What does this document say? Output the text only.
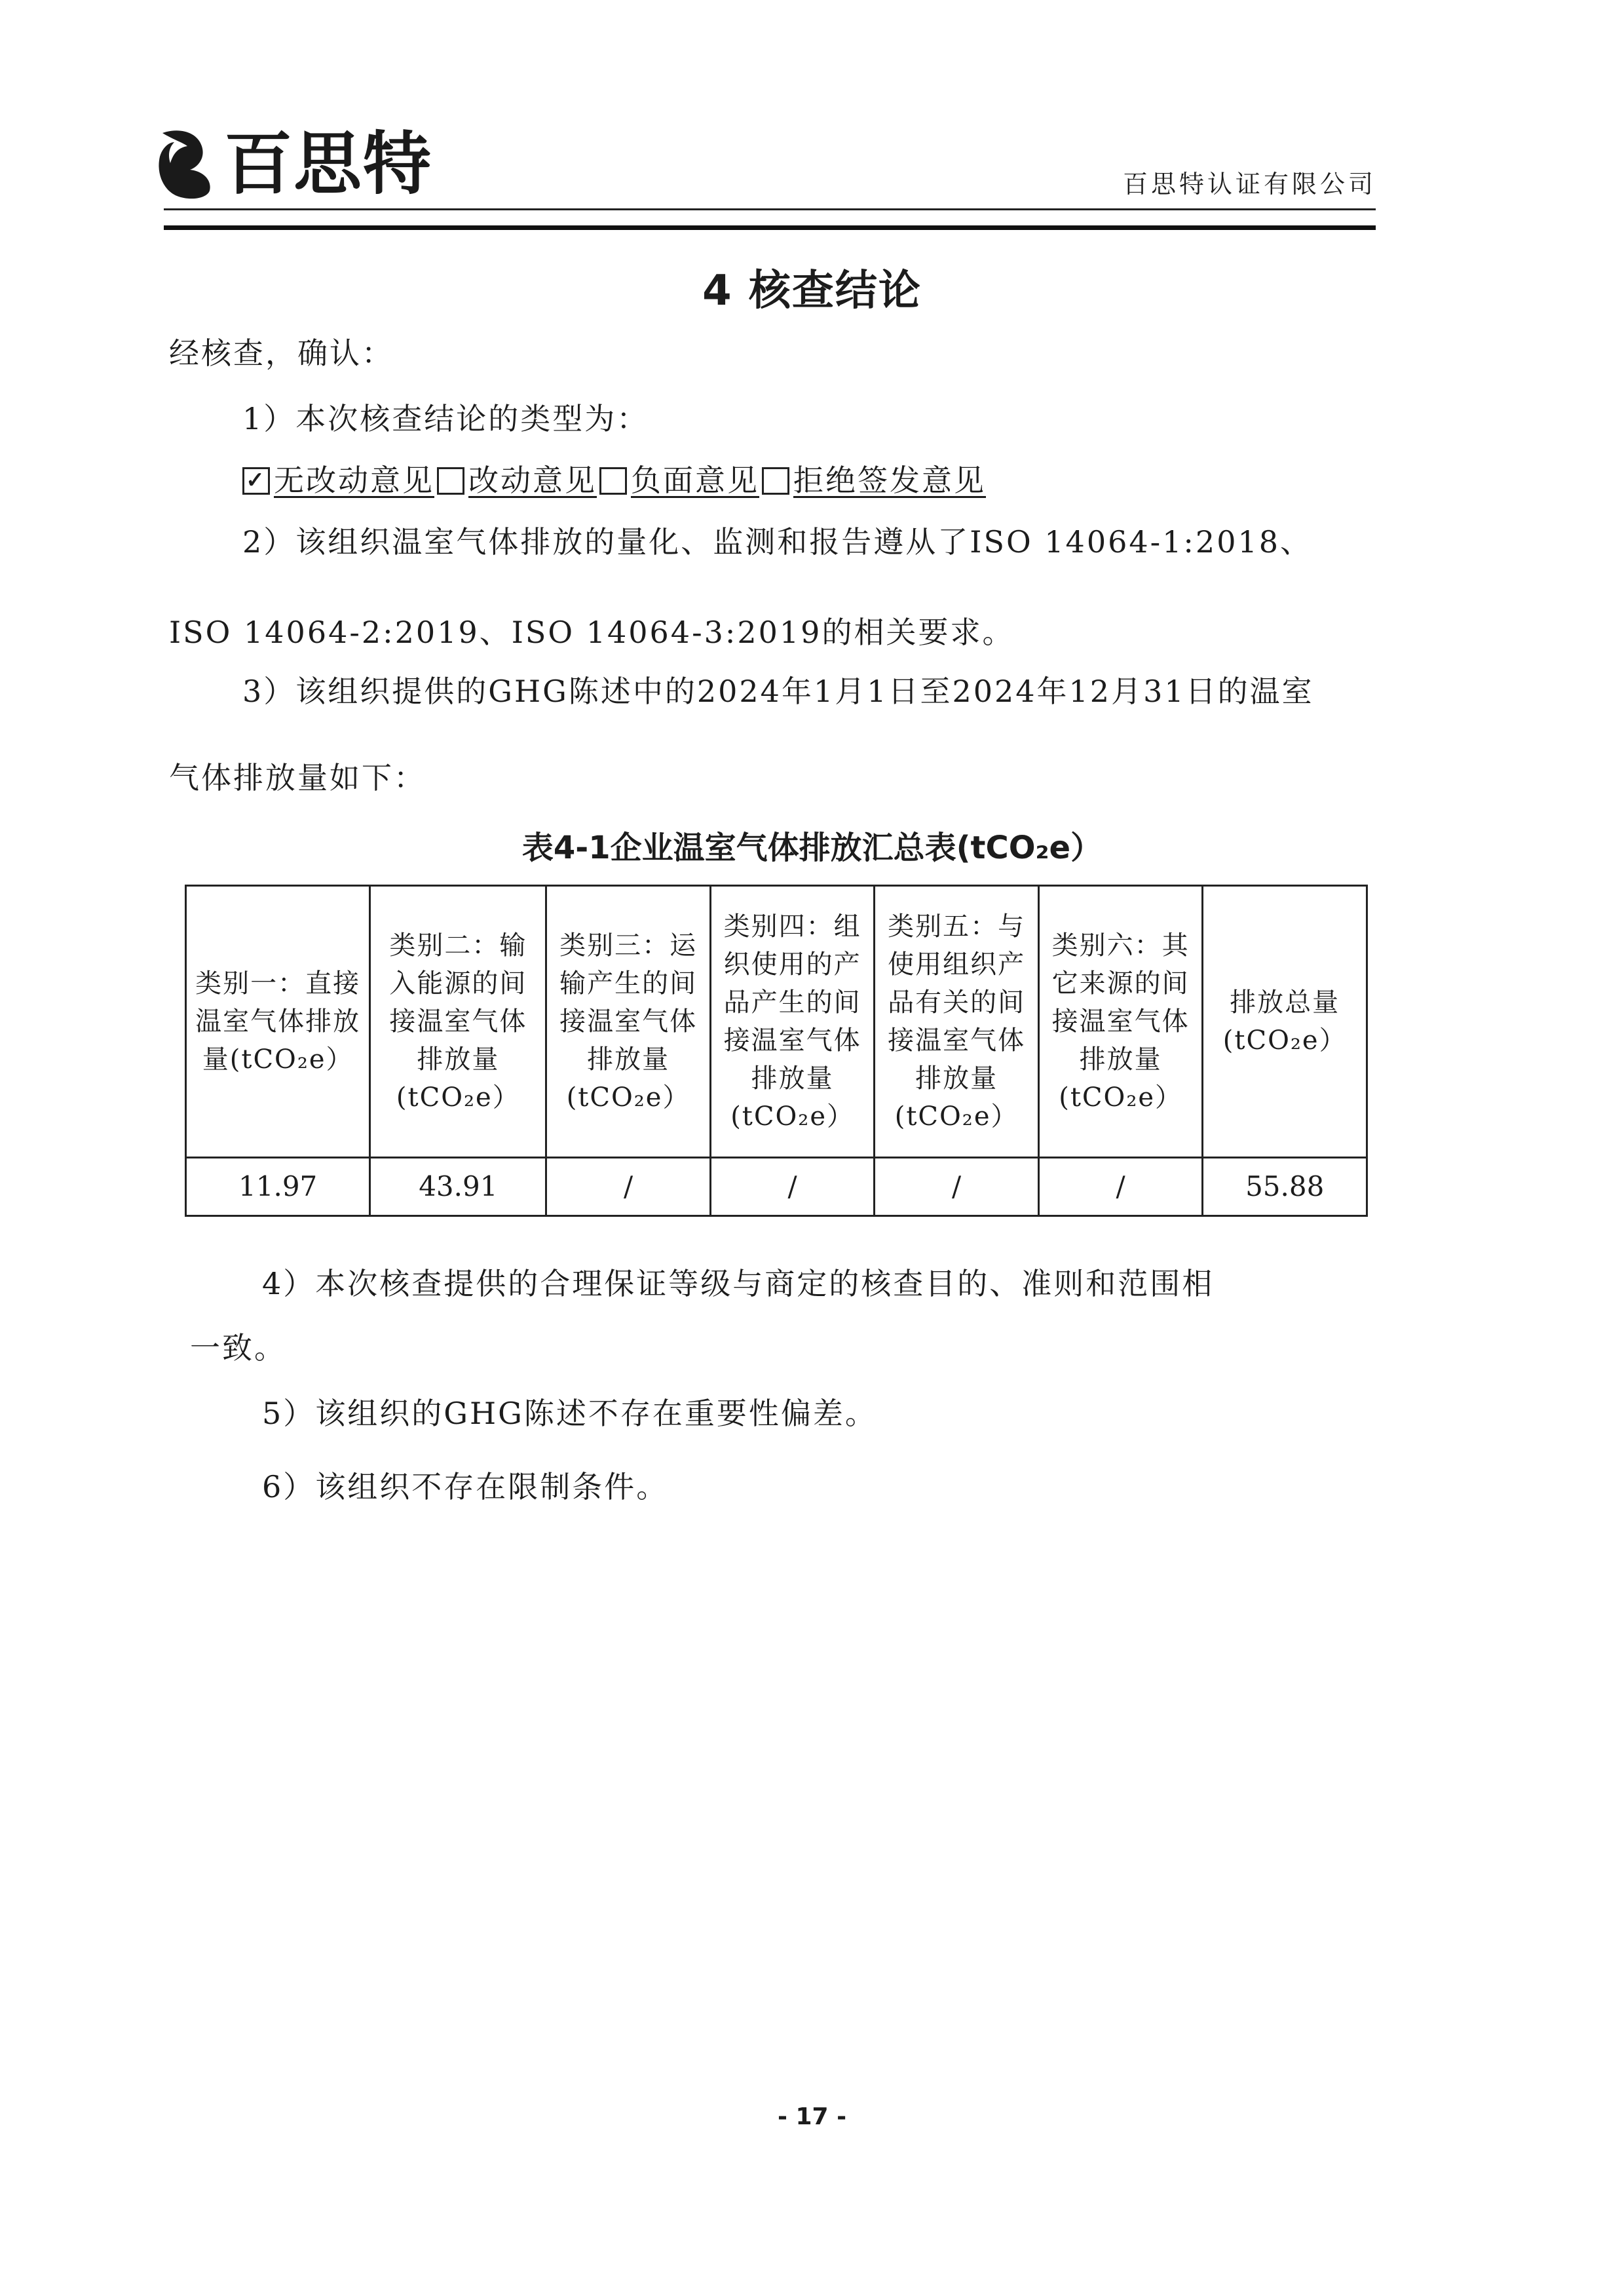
百思特	百思特认证有限公司
4 核查结论
经核查，确认：
1）本次核查结论的类型为：
✓ 无改动意见 改动意见 负面意见 拒绝签发意见
2）该组织温室气体排放的量化、监测和报告遵从了ISO 14064-1:2018、
ISO 14064-2:2019、ISO 14064-3:2019的相关要求。
3）该组织提供的GHG陈述中的2024年1月1日至2024年12月31日的温室
气体排放量如下：
表4-1企业温室气体排放汇总表(tCO₂e）
类别一：直接温室气体排放量(tCO₂e）	类别二：输入能源的间接温室气体排放量(tCO₂e）	类别三：运输产生的间接温室气体排放量(tCO₂e）	类别四：组织使用的产品产生的间接温室气体排放量(tCO₂e）	类别五：与使用组织产品有关的间接温室气体排放量(tCO₂e）	类别六：其它来源的间接温室气体排放量(tCO₂e）	排放总量(tCO₂e）
11.97	43.91	/	/	/	/	55.88
4）本次核查提供的合理保证等级与商定的核查目的、准则和范围相
一致。
5）该组织的GHG陈述不存在重要性偏差。
6）该组织不存在限制条件。
- 17 -
